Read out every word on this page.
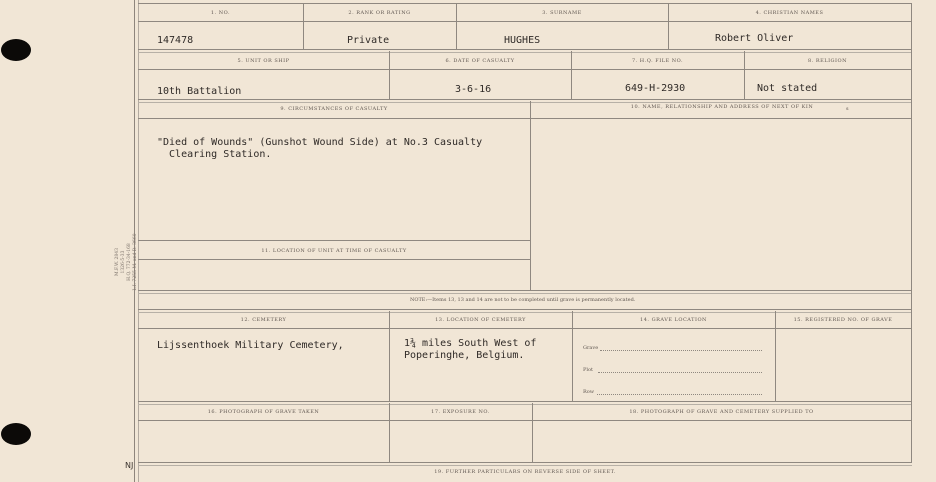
M.F.W. 2843
1326-5-33
H.Q. 772-34-168
L.I. 7255-M. and D. 3660
NJ
1. NO.	2. RANK OR RATING	3. SURNAME	4. CHRISTIAN NAMES
147478	Private	HUGHES	Robert Oliver
5. UNIT OR SHIP	6. DATE OF CASUALTY	7. H.Q. FILE NO.	8. RELIGION
10th Battalion	3-6-16	649-H-2930	Not stated
9. CIRCUMSTANCES OF CASUALTY	10. NAME, RELATIONSHIP AND ADDRESS OF NEXT OF KIN	s
"Died of Wounds" (Gunshot Wound Side) at No.3 Casualty
Clearing Station.
11. LOCATION OF UNIT AT TIME OF CASUALTY
NOTE:—Items 13, 13 and 14 are not to be completed until grave is permanently located.
12. CEMETERY	13. LOCATION OF CEMETERY	14. GRAVE LOCATION	15. REGISTERED NO. OF GRAVE
Lijssenthoek Military Cemetery,	1¾ miles South West of
Poperinghe, Belgium.
Grave
Plot
Row
16. PHOTOGRAPH OF GRAVE TAKEN	17. EXPOSURE NO.	18. PHOTOGRAPH OF GRAVE AND CEMETERY SUPPLIED TO
19. FURTHER PARTICULARS ON REVERSE SIDE OF SHEET.
